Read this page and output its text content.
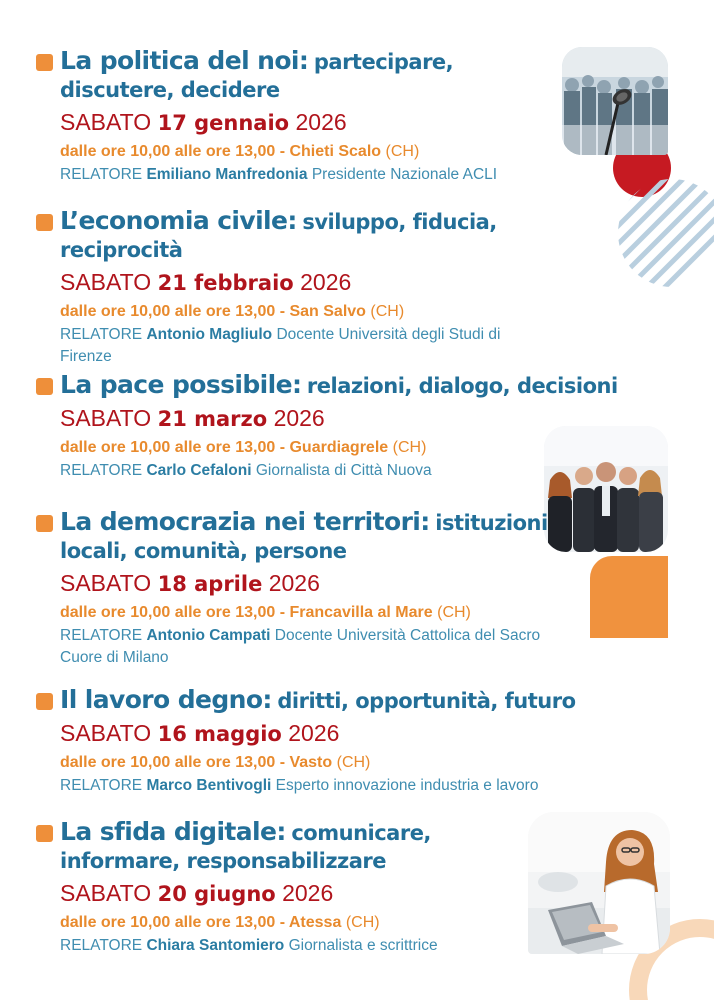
La politica del noi: partecipare, discutere, decidere
SABATO 17 gennaio 2026
dalle ore 10,00 alle ore 13,00 - Chieti Scalo (CH)
RELATORE Emiliano Manfredonia Presidente Nazionale ACLI
L’economia civile: sviluppo, fiducia, reciprocità
SABATO 21 febbraio 2026
dalle ore 10,00 alle ore 13,00 - San Salvo (CH)
RELATORE Antonio Magliulo Docente Università degli Studi di Firenze
La pace possibile: relazioni, dialogo, decisioni
SABATO 21 marzo 2026
dalle ore 10,00 alle ore 13,00 - Guardiagrele (CH)
RELATORE Carlo Cefaloni Giornalista di Città Nuova
La democrazia nei territori: istituzioni locali, comunità, persone
SABATO 18 aprile 2026
dalle ore 10,00 alle ore 13,00 - Francavilla al Mare (CH)
RELATORE Antonio Campati Docente Università Cattolica del Sacro Cuore di Milano
Il lavoro degno: diritti, opportunità, futuro
SABATO 16 maggio 2026
dalle ore 10,00 alle ore 13,00 - Vasto (CH)
RELATORE Marco Bentivogli Esperto innovazione industria e lavoro
La sfida digitale: comunicare, informare, responsabilizzare
SABATO 20 giugno 2026
dalle ore 10,00 alle ore 13,00 - Atessa (CH)
RELATORE Chiara Santomiero Giornalista e scrittrice
